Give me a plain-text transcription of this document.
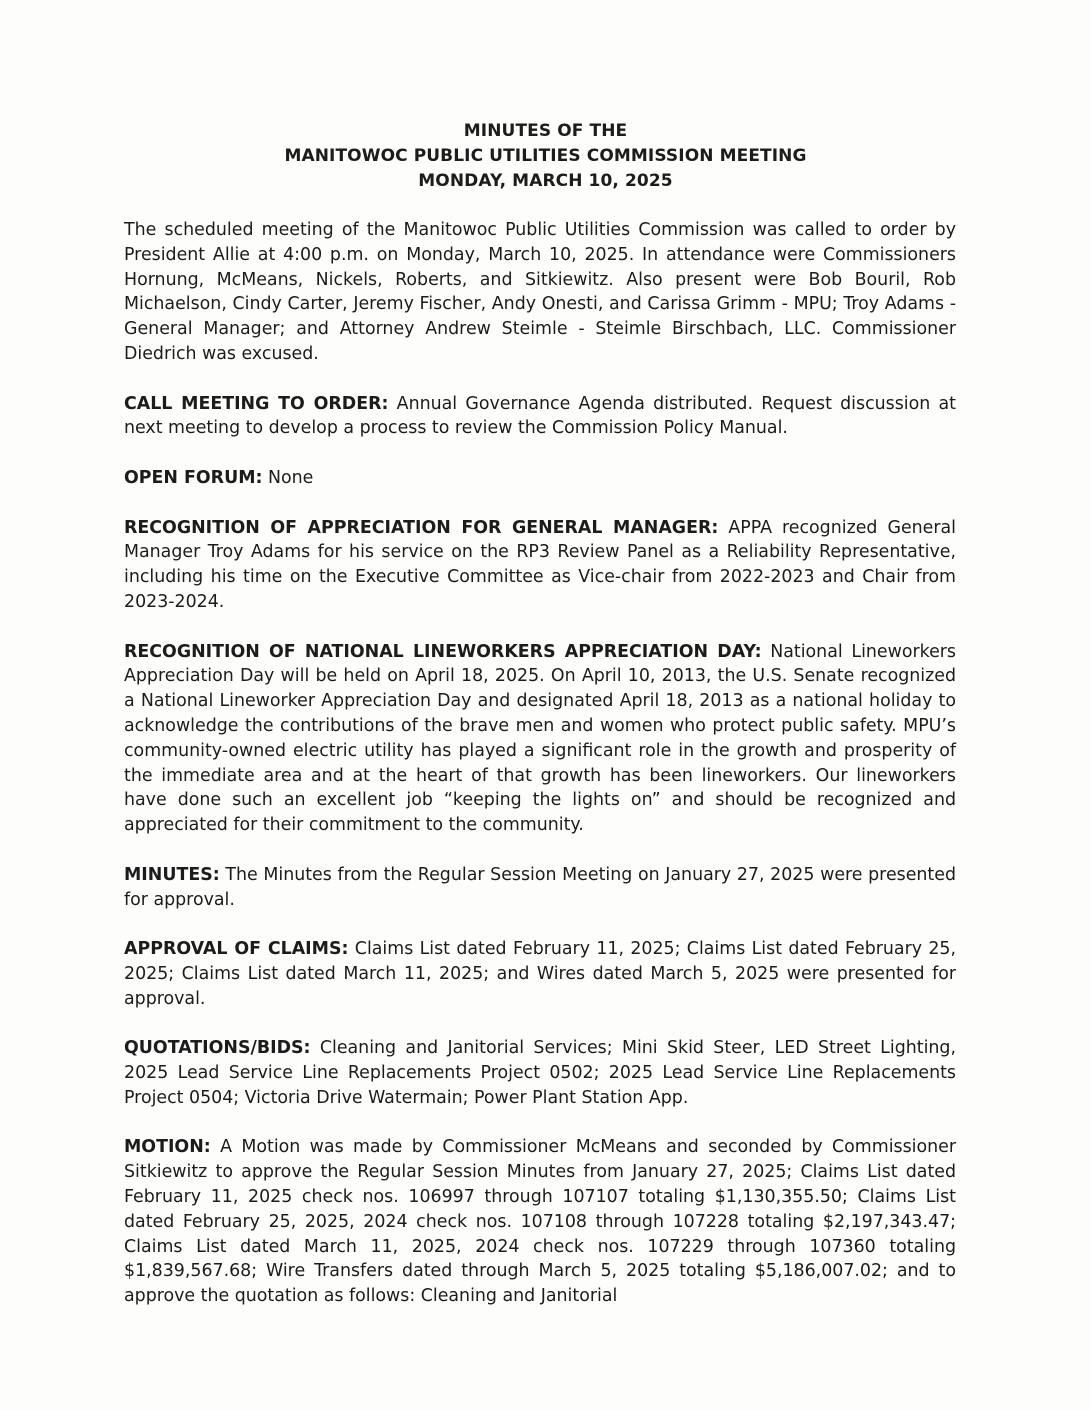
MINUTES OF THE
MANITOWOC PUBLIC UTILITIES COMMISSION MEETING
MONDAY, MARCH 10, 2025

The scheduled meeting of the Manitowoc Public Utilities Commission was called to order by President Allie at 4:00 p.m. on Monday, March 10, 2025. In attendance were Commissioners Hornung, McMeans, Nickels, Roberts, and Sitkiewitz. Also present were Bob Bouril, Rob Michaelson, Cindy Carter, Jeremy Fischer, Andy Onesti, and Carissa Grimm - MPU; Troy Adams - General Manager; and Attorney Andrew Steimle - Steimle Birschbach, LLC. Commissioner Diedrich was excused.

CALL MEETING TO ORDER: Annual Governance Agenda distributed. Request discussion at next meeting to develop a process to review the Commission Policy Manual.

OPEN FORUM: None

RECOGNITION OF APPRECIATION FOR GENERAL MANAGER: APPA recognized General Manager Troy Adams for his service on the RP3 Review Panel as a Reliability Representative, including his time on the Executive Committee as Vice-chair from 2022-2023 and Chair from 2023-2024.

RECOGNITION OF NATIONAL LINEWORKERS APPRECIATION DAY: National Lineworkers Appreciation Day will be held on April 18, 2025. On April 10, 2013, the U.S. Senate recognized a National Lineworker Appreciation Day and designated April 18, 2013 as a national holiday to acknowledge the contributions of the brave men and women who protect public safety. MPU’s community-owned electric utility has played a significant role in the growth and prosperity of the immediate area and at the heart of that growth has been lineworkers. Our lineworkers have done such an excellent job “keeping the lights on” and should be recognized and appreciated for their commitment to the community.

MINUTES: The Minutes from the Regular Session Meeting on January 27, 2025 were presented for approval.

APPROVAL OF CLAIMS: Claims List dated February 11, 2025; Claims List dated February 25, 2025; Claims List dated March 11, 2025; and Wires dated March 5, 2025 were presented for approval.

QUOTATIONS/BIDS: Cleaning and Janitorial Services; Mini Skid Steer, LED Street Lighting, 2025 Lead Service Line Replacements Project 0502; 2025 Lead Service Line Replacements Project 0504; Victoria Drive Watermain; Power Plant Station App.

MOTION: A Motion was made by Commissioner McMeans and seconded by Commissioner Sitkiewitz to approve the Regular Session Minutes from January 27, 2025; Claims List dated February 11, 2025 check nos. 106997 through 107107 totaling $1,130,355.50; Claims List dated February 25, 2025, 2024 check nos. 107108 through 107228 totaling $2,197,343.47; Claims List dated March 11, 2025, 2024 check nos. 107229 through 107360 totaling $1,839,567.68; Wire Transfers dated through March 5, 2025 totaling $5,186,007.02; and to approve the quotation as follows: Cleaning and Janitorial
